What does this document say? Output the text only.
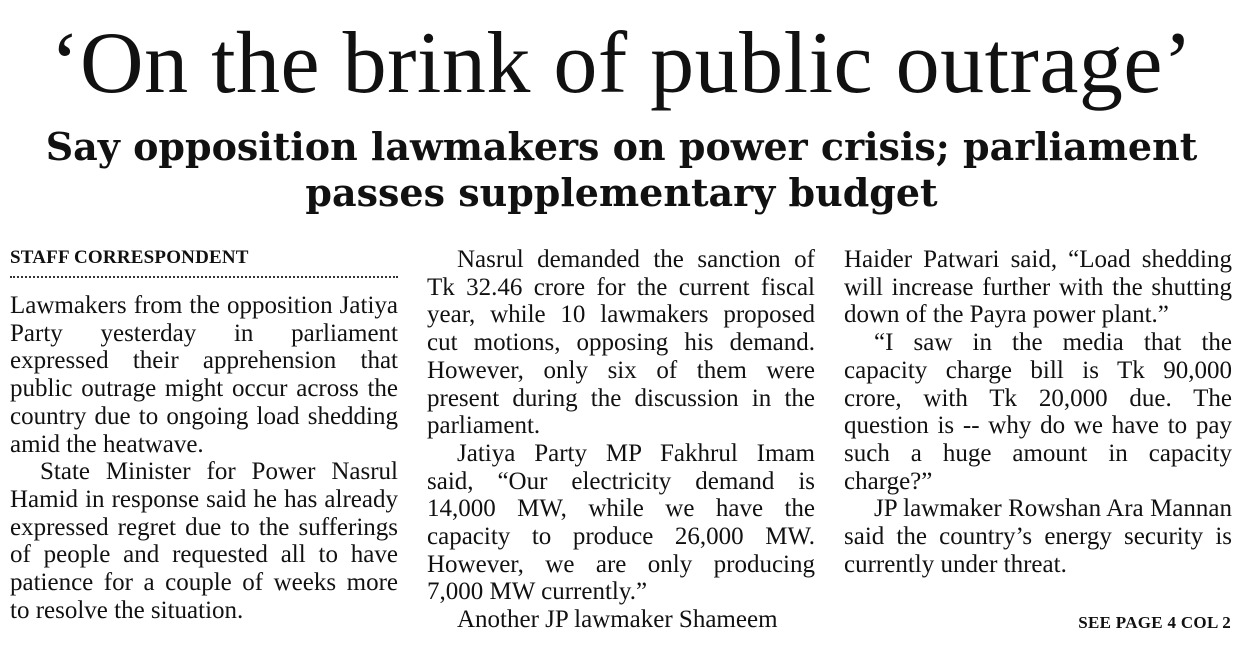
‘On the brink of public outrage’
Say opposition lawmakers on power crisis; parliament
passes supplementary budget
STAFF CORRESPONDENT

Lawmakers from the opposition Jatiya Party yesterday in parliament expressed their apprehension that public outrage might occur across the country due to ongoing load shedding amid the heatwave.

State Minister for Power Nasrul Hamid in response said he has already expressed regret due to the sufferings of people and requested all to have patience for a couple of weeks more to resolve the situation.

Nasrul demanded the sanction of Tk 32.46 crore for the current fiscal year, while 10 lawmakers proposed cut motions, opposing his demand. However, only six of them were present during the discussion in the parliament.

Jatiya Party MP Fakhrul Imam said, “Our electricity demand is 14,000 MW, while we have the capacity to produce 26,000 MW. However, we are only producing 7,000 MW currently.”

Another JP lawmaker Shameem

Haider Patwari said, “Load shedding will increase further with the shutting down of the Payra power plant.”

“I saw in the media that the capacity charge bill is Tk 90,000 crore, with Tk 20,000 due. The question is -- why do we have to pay such a huge amount in capacity charge?”

JP lawmaker Rowshan Ara Mannan said the country’s energy security is currently under threat.

SEE PAGE 4 COL 2
